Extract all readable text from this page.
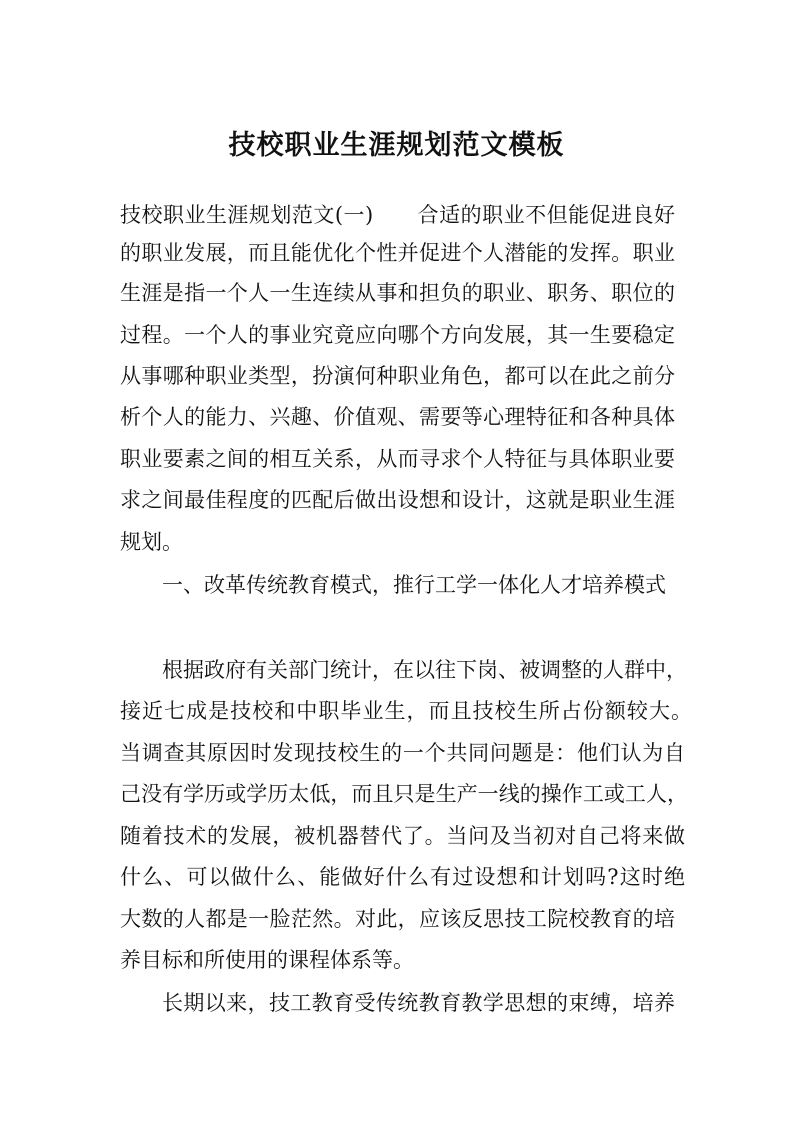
技校职业生涯规划范文模板
技校职业生涯规划范文(一) 合适的职业不但能促进良好
的职业发展，而且能优化个性并促进个人潜能的发挥。职业
生涯是指一个人一生连续从事和担负的职业、职务、职位的
过程。一个人的事业究竟应向哪个方向发展，其一生要稳定
从事哪种职业类型，扮演何种职业角色，都可以在此之前分
析个人的能力、兴趣、价值观、需要等心理特征和各种具体
职业要素之间的相互关系，从而寻求个人特征与具体职业要
求之间最佳程度的匹配后做出设想和设计，这就是职业生涯
规划。
一、改革传统教育模式，推行工学一体化人才培养模式
根据政府有关部门统计，在以往下岗、被调整的人群中，
接近七成是技校和中职毕业生，而且技校生所占份额较大。
当调查其原因时发现技校生的一个共同问题是：他们认为自
己没有学历或学历太低，而且只是生产一线的操作工或工人，
随着技术的发展，被机器替代了。当问及当初对自己将来做
什么、可以做什么、能做好什么有过设想和计划吗?这时绝
大数的人都是一脸茫然。对此，应该反思技工院校教育的培
养目标和所使用的课程体系等。
长期以来，技工教育受传统教育教学思想的束缚，培养
